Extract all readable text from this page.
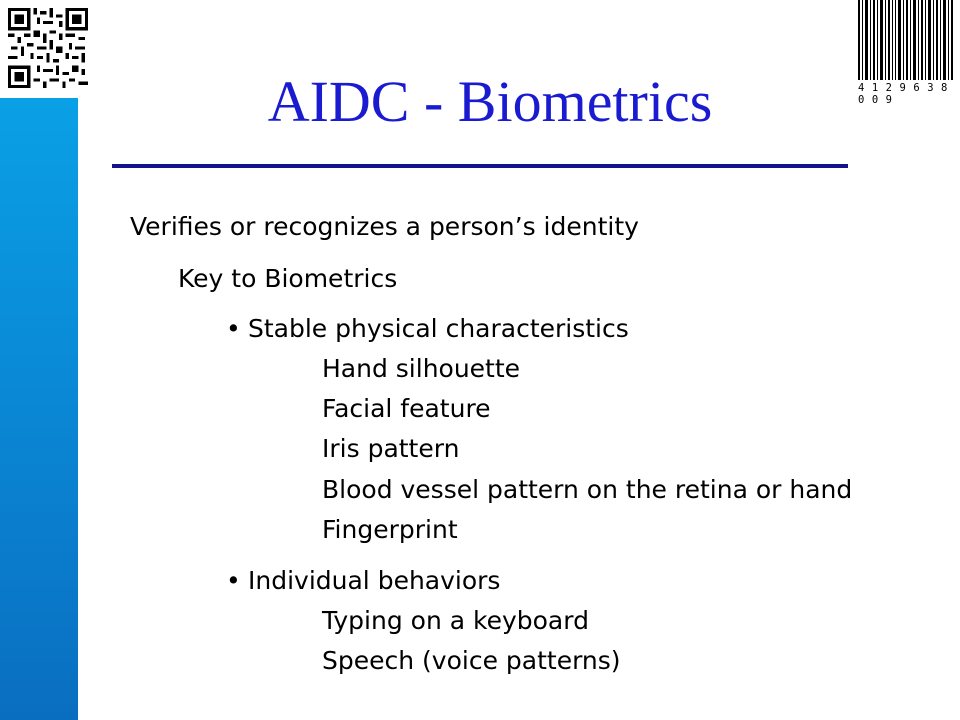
4 1 2 9 6 3 8 0 0 9
AIDC - Biometrics
Verifies or recognizes a person’s identity
Key to Biometrics
• Stable physical characteristics
Hand silhouette
Facial feature
Iris pattern
Blood vessel pattern on the retina or hand
Fingerprint
• Individual behaviors
Typing on a keyboard
Speech (voice patterns)
